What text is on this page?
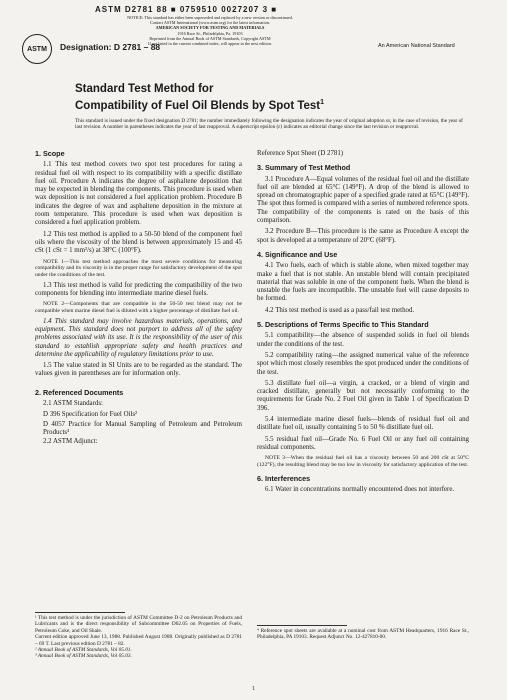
ASTM D2781 88 ■ 0759510 0027207 3 ■
NOTICE: This standard has either been superseded and replaced by a new version or discontinued.
Contact ASTM International (www.astm.org) for the latest information.
AMERICAN SOCIETY FOR TESTING AND MATERIALS
1916 Race St., Philadelphia, Pa. 19103
Reprinted from the Annual Book of ASTM Standards, Copyright ASTM
If not listed in the current combined index, will appear in the next edition.
ASTM Designation: D 2781 – 88	An American National Standard
Standard Test Method for
Compatibility of Fuel Oil Blends by Spot Test$^1$
This standard is issued under the fixed designation D 2781; the number immediately following the designation indicates the year of original adoption or, in the case of revision, the year of last revision. A number in parentheses indicates the year of last reapproval. A superscript epsilon (ε) indicates an editorial change since the last revision or reapproval.
1. Scope

1.1 This test method covers two spot test procedures for rating a residual fuel oil with respect to its compatibility with a specific distillate fuel oil. Procedure A indicates the degree of asphaltene deposition that may be expected in blending the components. This procedure is used when wax deposition is not considered a fuel application problem. Procedure B indicates the degree of wax and asphaltene deposition in the mixture at room temperature. This procedure is used when wax deposition is considered a fuel application problem.

1.2 This test method is applied to a 50-50 blend of the component fuel oils where the viscosity of the blend is between approximately 15 and 45 cSt (1 cSt = 1 mm²/s) at 38°C (100°F).

NOTE 1—This test method approaches the most severe conditions for measuring compatibility and its viscosity is in the proper range for satisfactory development of the spot under the conditions of the test.

1.3 This test method is valid for predicting the compatibility of the two components for blending into intermediate marine diesel fuels.

NOTE 2—Components that are compatible in the 50-50 test blend may not be compatible when marine diesel fuel is diluted with a higher percentage of distillate fuel oil.

1.4 This standard may involve hazardous materials, operations, and equipment. This standard does not purport to address all of the safety problems associated with its use. It is the responsibility of the user of this standard to establish appropriate safety and health practices and determine the applicability of regulatory limitations prior to use.

1.5 The value stated in SI Units are to be regarded as the standard. The values given in parentheses are for information only.

2. Referenced Documents

2.1 ASTM Standards:

D 396 Specification for Fuel Oils²

D 4057 Practice for Manual Sampling of Petroleum and Petroleum Products³

2.2 ASTM Adjunct:

¹ This test method is under the jurisdiction of ASTM Committee D-2 on Petroleum Products and Lubricants and is the direct responsibility of Subcommittee D02.05 on Properties of Fuels, Petroleum Coke, and Oil Shale.
Current edition approved June 13, 1988. Published August 1988. Originally published as D 2781 – 69 T. Last previous edition D 2781 – 82.
² Annual Book of ASTM Standards, Vol 05.01.
³ Annual Book of ASTM Standards, Vol 05.03.

Reference Spot Sheet (D 2781)

3. Summary of Test Method

3.1 Procedure A—Equal volumes of the residual fuel oil and the distillate fuel oil are blended at 65°C (149°F). A drop of the blend is allowed to spread on chromatographic paper of a specified grade rated at 65°C (149°F). The spot thus formed is compared with a series of numbered reference spots. The compatibility of the components is rated on the basis of this comparison.

3.2 Procedure B—This procedure is the same as Procedure A except the spot is developed at a temperature of 20°C (68°F).

4. Significance and Use

4.1 Two fuels, each of which is stable alone, when mixed together may make a fuel that is not stable. An unstable blend will contain precipitated material that was soluble in one of the component fuels. When the blend is unstable the fuels are incompatible. The unstable fuel will cause deposits to be formed.

4.2 This test method is used as a pass/fail test method.

5. Descriptions of Terms Specific to This Standard

5.1 compatibility—the absence of suspended solids in fuel oil blends under the conditions of the test.

5.2 compatibility rating—the assigned numerical value of the reference spot which most closely resembles the spot produced under the conditions of the test.

5.3 distillate fuel oil—a virgin, a cracked, or a blend of virgin and cracked distillate, generally but not necessarily conforming to the requirements for Grade No. 2 Fuel Oil given in Table 1 of Specification D 396.

5.4 intermediate marine diesel fuels—blends of residual fuel oil and distillate fuel oil, usually containing 5 to 50 % distillate fuel oil.

5.5 residual fuel oil—Grade No. 6 Fuel Oil or any fuel oil containing residual components.

NOTE 3—When the residual fuel oil has a viscosity between 50 and 200 cSt at 50°C (122°F), the resulting blend may be too low in viscosity for satisfactory application of the test.

6. Interferences

6.1 Water in concentrations normally encountered does not interfere.

⁴ Reference spot sheets are available at a nominal cost from ASTM Headquarters, 1916 Race St., Philadelphia, PA 19103. Request Adjunct No. 12-427810-00.
1
